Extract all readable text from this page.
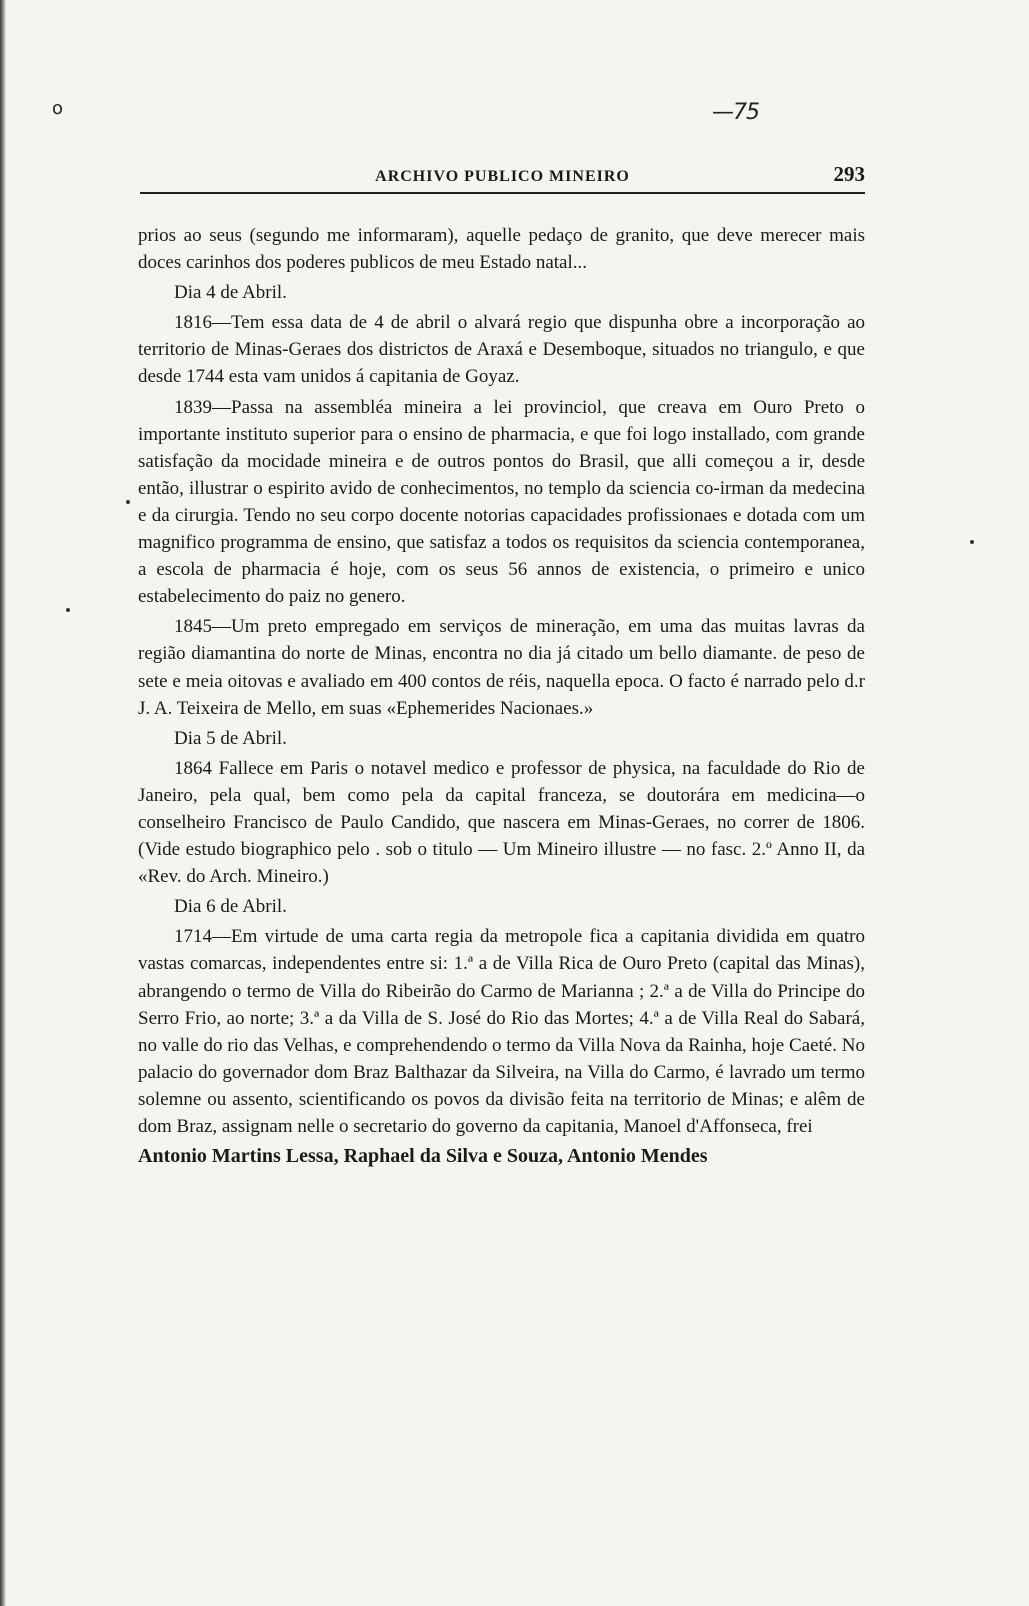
o	—75
ARCHIVO PUBLICO MINEIRO	293

prios ao seus (segundo me informaram), aquelle pedaço de granito, que deve merecer mais doces carinhos dos poderes publicos de meu Estado natal...

Dia 4 de Abril.

1816—Tem essa data de 4 de abril o alvará regio que dispunha obre a incorporação ao territorio de Minas-Geraes dos districtos de Araxá e Desemboque, situados no triangulo, e que desde 1744 esta vam unidos á capitania de Goyaz.

1839—Passa na assembléa mineira a lei provinciol, que creava em Ouro Preto o importante instituto superior para o ensino de pharmacia, e que foi logo installado, com grande satisfação da mocidade mineira e de outros pontos do Brasil, que alli começou a ir, desde então, illustrar o espirito avido de conhecimentos, no templo da sciencia co-irman da medecina e da cirurgia. Tendo no seu corpo docente notorias capacidades profissionaes e dotada com um magnifico programma de ensino, que satisfaz a todos os requisitos da sciencia contemporanea, a escola de pharmacia é hoje, com os seus 56 annos de existencia, o primeiro e unico estabelecimento do paiz no genero.

1845—Um preto empregado em serviços de mineração, em uma das muitas lavras da região diamantina do norte de Minas, encontra no dia já citado um bello diamante. de peso de sete e meia oitovas e avaliado em 400 contos de réis, naquella epoca. O facto é narrado pelo d.r J. A. Teixeira de Mello, em suas «Ephemerides Nacionaes.»

Dia 5 de Abril.

1864 Fallece em Paris o notavel medico e professor de physica, na faculdade do Rio de Janeiro, pela qual, bem como pela da capital franceza, se doutorára em medicina—o conselheiro Francisco de Paulo Candido, que nascera em Minas-Geraes, no correr de 1806. (Vide estudo biographico pelo . sob o titulo — Um Mineiro illustre — no fasc. 2.º Anno II, da «Rev. do Arch. Mineiro.)

Dia 6 de Abril.

1714—Em virtude de uma carta regia da metropole fica a capitania dividida em quatro vastas comarcas, independentes entre si: 1.ª a de Villa Rica de Ouro Preto (capital das Minas), abrangendo o termo de Villa do Ribeirão do Carmo de Marianna ; 2.ª a de Villa do Principe do Serro Frio, ao norte; 3.ª a da Villa de S. José do Rio das Mortes; 4.ª a de Villa Real do Sabará, no valle do rio das Velhas, e comprehendendo o termo da Villa Nova da Rainha, hoje Caeté. No palacio do governador dom Braz Balthazar da Silveira, na Villa do Carmo, é lavrado um termo solemne ou assento, scientificando os povos da divisão feita na territorio de Minas; e alêm de dom Braz, assignam nelle o secretario do governo da capitania, Manoel d'Affonseca, frei

Antonio Martins Lessa, Raphael da Silva e Souza, Antonio Mendes
